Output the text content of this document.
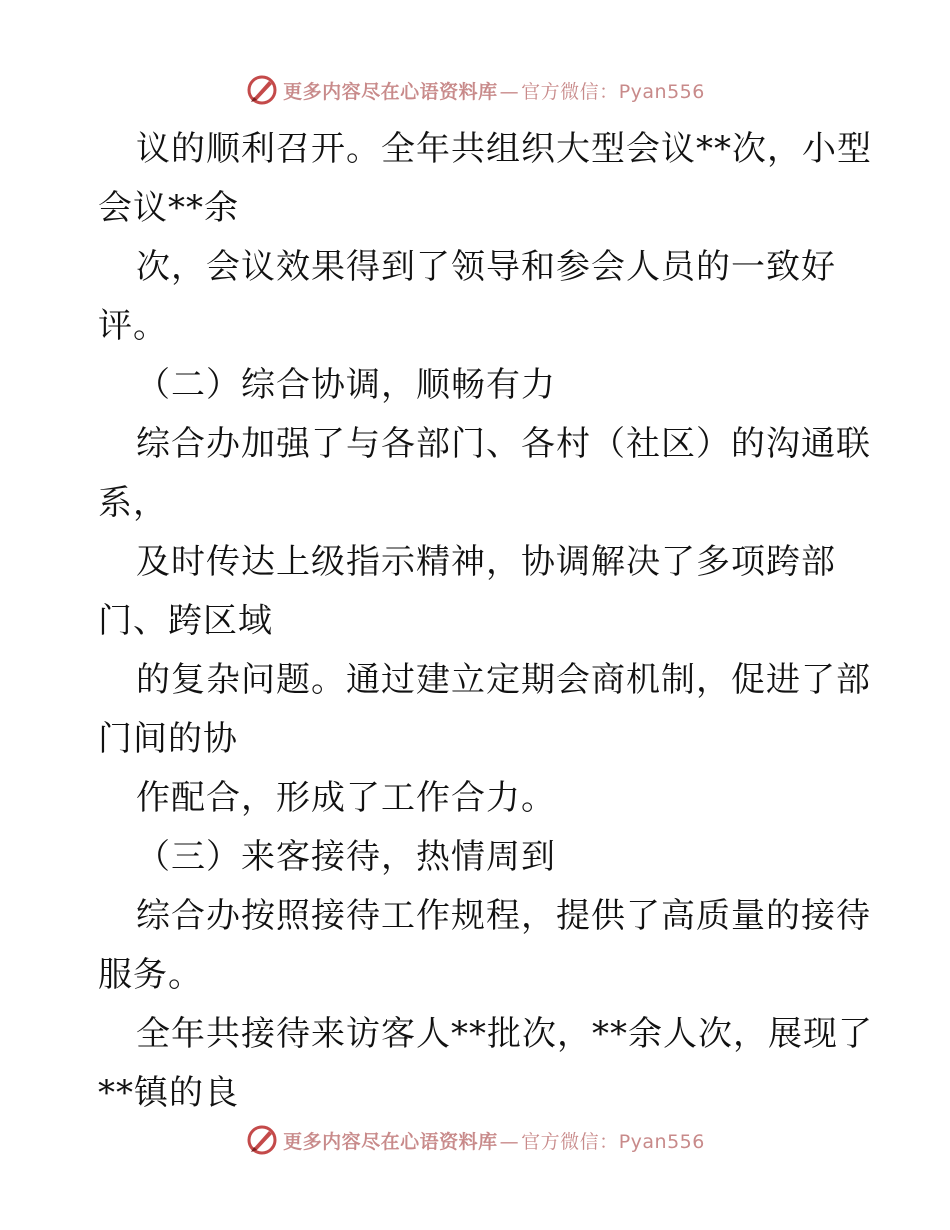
更多内容尽在心语资料库 — 官方微信：Pyan556
议的顺利召开。全年共组织大型会议**次，小型
会议**余
次，会议效果得到了领导和参会人员的一致好
评。
（二）综合协调，顺畅有力
综合办加强了与各部门、各村（社区）的沟通联
系，
及时传达上级指示精神，协调解决了多项跨部
门、跨区域
的复杂问题。通过建立定期会商机制，促进了部
门间的协
作配合，形成了工作合力。
（三）来客接待，热情周到
综合办按照接待工作规程，提供了高质量的接待
服务。
全年共接待来访客人**批次，**余人次，展现了
**镇的良
更多内容尽在心语资料库 — 官方微信：Pyan556
